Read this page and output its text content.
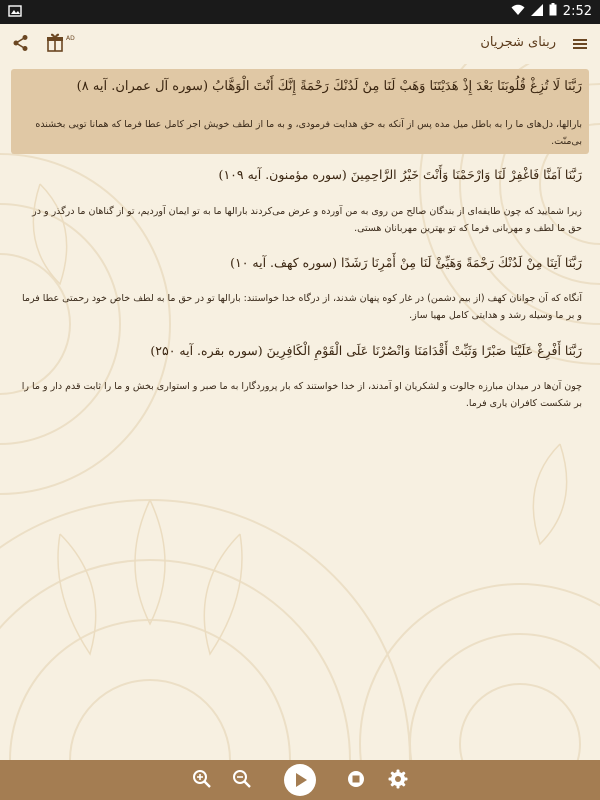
2:52
AD	ربنای شجریان
رَبَّنَا لَا تُزِغْ قُلُوبَنَا بَعْدَ إِذْ هَدَيْتَنَا وَهَبْ لَنَا مِنْ لَدُنْكَ رَحْمَةً إِنَّكَ أَنْتَ الْوَهَّابُ (سوره آل عمران. آیه ۸)
بارالها، دل‌های ما را به باطل میل مده پس از آنکه به حق هدایت فرمودی، و به ما از لطف خویش اجر کامل عطا فرما که همانا تویی بخشنده بی‌منّت.
رَبَّنَا آمَنَّا فَاغْفِرْ لَنَا وَارْحَمْنَا وَأَنْتَ خَيْرُ الرَّاحِمِينَ (سوره مؤمنون. آیه ۱۰۹)
زیرا شمایید که چون طایفه‌ای از بندگان صالح من روی به من آورده و عرض می‌کردند بارالها ما به تو ایمان آوردیم، تو از گناهان ما درگذر و در حق ما لطف و مهربانی فرما که تو بهترین مهربانان هستی.
رَبَّنَا آتِنَا مِنْ لَدُنْكَ رَحْمَةً وَهَيِّئْ لَنَا مِنْ أَمْرِنَا رَشَدًا (سوره کهف. آیه ۱۰)
آنگاه که آن جوانان کهف (از بیم دشمن) در غار کوه پنهان شدند، از درگاه خدا خواستند: بارالها تو در حق ما به لطف خاص خود رحمتی عطا فرما و بر ما وسیله رشد و هدایتی کامل مهیا ساز.
رَبَّنَا أَفْرِغْ عَلَيْنَا صَبْرًا وَثَبِّتْ أَقْدَامَنَا وَانْصُرْنَا عَلَى الْقَوْمِ الْكَافِرِينَ (سوره بقره. آیه ۲۵۰)
چون آن‌ها در میدان مبارزه جالوت و لشکریان او آمدند، از خدا خواستند که بار پروردگارا به ما صبر و استواری بخش و ما را ثابت قدم دار و ما را بر شکست کافران یاری فرما.
